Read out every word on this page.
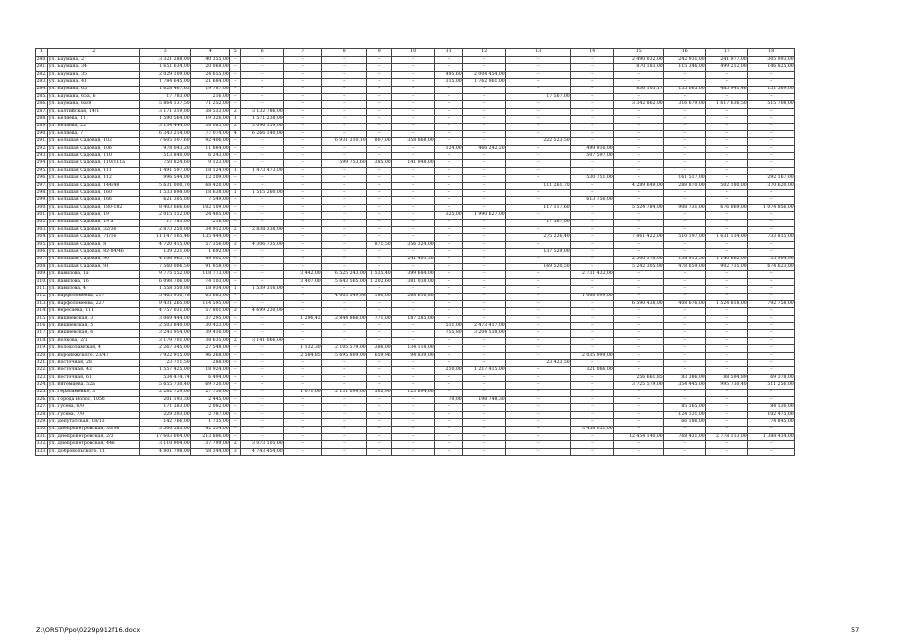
1	2	3	4	5	6	7	8	9	10	11	12	13	14	15	16	17	18
280.	ул. Баумана, 2	3 321 288,00	40 355,00	–	–	–	–	–	–	–	–	–	–	2 490 032,00	242 931,00	241 977,00	305 993,00
281.	ул. Баумана, 34	1 651 634,00	20 068,00	–	–	–	–	–	–	–	–	–	–	870 183,00	115 346,00	499 212,00	146 825,00
282.	ул. Баумана, 35	2 029 109,00	24 655,00	–	–	–	–	–	–	495,60	2 004 454,00	–	–	–	–	–	–
283.	ул. Баумана, 41	1 784 645,00	21 684,00	–	–	–	–	–	–	315,00	1 762 961,00	–	–	–	–	–	–
284.	ул. Баумана, 65	1 628 467,63	19 787,00	–	–	–	–	–	–	–	–	–	–	836 105,17	135 065,00	485 941,46	151 569,00
285.	ул. Баумана, 65а, 6	17 783,00	216,00	–	–	–	–	–	–	–	–	17 567,00	–	–	–	–	–
286.	ул. Баумана, 6а/8	5 864 137,50	71 252,00	–	–	–	–	–	–	–	–	–	–	3 342 862,00	316 679,00	1 617 636,50	515 708,00
287.	ул. Балтийская, 14/1	3 171 319,00	38 533,00	2	3 132 786,00	–	–	–	–	–	–	–	–	–	–	–	–
288.	ул. Беляева, 11	1 590 564,00	19 326,00	1	1 571 238,00	–	–	–	–	–	–	–	–	–	–	–	–
289.	ул. Беляева, 22	3 134 444,00	38 085,00	2	3 096 359,00	–	–	–	–	–	–	–	–	–	–	–	–
290.	ул. Беляева, 7	6 343 214,00	77 074,00	4	6 266 140,00	–	–	–	–	–	–	–	–	–	–	–	–
291.	ул. Большая Садовая, 102	7 605 107,60	92 406,00	–	–	–	6 931 310,10	807,00	358 868,00	–	–	222 523,50	–	–	–	–	–
292.	ул. Большая Садовая, 106	978 043,20	11 884,00	–	–	–	–	–	–	124,00	466 242,20	–	499 916,00	–	–	–	–
293.	ул. Большая Садовая, 110	513 840,00	6 243,00	–	–	–	–	–	–	–	–	–	507 597,00	–	–	–	–
294.	ул. Большая Садовая, 110/111а	750 824,60	9 123,00	–	–	–	599 753,60	385,00	141 948,00	–	–	–	–	–	–	–	–
295.	ул. Большая Садовая, 111	1 491 597,00	18 124,00	1	1 473 473,00	–	–	–	–	–	–	–	–	–	–	–	–
296.	ул. Большая Садовая, 112	996 544,00	12 109,00	–	–	–	–	–	–	–	–	–	530 751,00	–	161 517,00	–	292 167,00
297.	ул. Большая Садовая, 144/48	5 631 000,70	68 420,00	–	–	–	–	–	–	–	–	111 261,70	–	4 289 649,00	288 870,00	502 180,00	370 620,00
298.	ул. Большая Садовая, 160	1 533 898,00	18 638,00	1	1 515 260,00	–	–	–	–	–	–	–	–	–	–	–	–
299.	ул. Большая Садовая, 166	621 305,00	7 549,00	–	–	–	–	–	–	–	–	–	613 756,00	–	–	–	–
300.	ул. Большая Садовая, 180-182	8 403 666,60	102 109,00	–	–	–	–	–	–	–	–	117 117,60	–	5 524 784,00	908 731,00	676 069,00	1 074 856,00
301.	ул. Большая Садовая, 19	2 015 112,00	24 485,00	–	–	–	–	–	–	325,00	1 990 627,00	–	–	–	–	–	–
302.	ул. Большая Садовая, 19 а	17 783,00	216,00	–	–	–	–	–	–	–	–	17 567,00	–	–	–	–	–
303.	ул. Большая Садовая, 32/36	2 873 250,00	34 912,00	2	2 838 338,00	–	–	–	–	–	–	–	–	–	–	–	–
304.	ул. Большая Садовая, 71/16	11 147 165,46	135 444,00	–	–	–	–	–	–	–	–	275 226,40	–	7 861 422,00	510 197,00	1 631 134,00	733 835,00
305.	ул. Большая Садовая, 8	4 720 415,00	57 356,00	3	4 306 735,00	–	–	871,50	356 324,00	–	–	–	–	–	–	–	–
306.	ул. Большая Садовая, 82-84/46	139 221,00	1 692,00	–	–	–	–	–	–	–	–	137 529,00	–	–	–	–	–
307.	ул. Большая Садовая, 90	4 106 963,70	49 902,00	–	–	–	–	–	241 403,30	–	–	–	–	2 500 176,00	138 915,50	1 140 662,00	35 904,90
308.	ул. Большая Садовая, 91	7 560 006,50	91 858,00	–	–	–	–	–	–	–	–	169 520,50	–	5 242 305,00	478 659,00	902 735,00	674 623,00
309.	ул. Вавилова, 1а	9 775 152,00	118 773,00	–	–	3 442,00	6 525 243,00	1 535,40	399 684,00	–	–	–	2 731 432,00	–	–	–	–
310.	ул. Вавилова, 16	6 098 706,00	74 103,00	–	–	3 407,00	5 643 565,00	1 202,60	381 038,00	–	–	–	–	–	–	–	–
311.	ул. Вавилова, 4	1 558 350,00	18 934,00	1	1 539 316,00	–	–	–	–	–	–	–	–	–	–	–	–
312.	ул. Варфоломеева, 217	5 465 950,78	65 685,00	–	–	–	4 003 549,98	180,00	268 616,80	–	–	–	1 068 099,00	–	–	–	–
313.	ул. Варфоломеева, 227	9 431 265,00	114 595,00	–	–	–	–	–	–	–	–	–	–	6 590 438,00	408 676,00	1 524 818,00	792 758,00
314.	ул. Вересаева, 111	4 757 031,00	57 801,00	3	4 699 230,00	–	–	–	–	–	–	–	–	–	–	–	–
315.	ул. Вишнёвская, 3	3 069 444,00	37 295,00	–	–	1 296,42	2 844 866,00	771,00	187 285,00	–	–	–	–	–	–	–	–
316.	ул. Вишнёвская, 5	2 503 840,00	30 423,00	–	–	–	–	–	–	511,00	2 473 417,00	–	–	–	–	–	–
317.	ул. Вишнёвская, 6	3 243 954,00	39 416,00	–	–	–	–	–	–	755,80	3 204 538,00	–	–	–	–	–	–
318.	ул. Волкова, 2/1	3 179 701,00	38 635,00	2	3 141 066,00	–	–	–	–	–	–	–	–	–	–	–	–
319.	ул. Волоколамская, 4	2 267 345,00	27 548,00	–	–	1 132,30	2 105 579,00	386,00	134 118,00	–	–	–	–	–	–	–	–
320.	ул. Воронежского, 23/47	7 922 915,00	96 268,00	–	–	2 584,85	5 695 809,00	659,96	94 839,00	–	–	–	2 035 999,00	–	–	–	–
321.	ул. Восточная, 28	23 711,50	288,00	–	–	–	–	–	–	–	–	23 423,50	–	–	–	–	–
322.	ул. Восточная, 43	1 557 425,00	18 924,00	–	–	–	–	–	–	210,00	1 217 415,00	–	321 086,00	–	–	–	–
323.	ул. Восточная, 61	534 474,74	6 494,00	–	–	–	–	–	–	–	–	–	–	256 661,85	83 386,09	88 594,89	69 378,00
324.	ул. Вятемцева, 52а	5 655 730,40	69 720,00	–	–	–	–	–	–	–	–	–	–	3 725 579,00	354 445,00	995 730,40	511 256,00
325.	ул. Герасименко, 3	2 282 729,00	27 736,00	–	–	1 071,00	2 131 099,00	502,90	123 894,00	–	–	–	–	–	–	–	–
326.	ул. Города Волос, 105б	201 193,30	2 445,00	–	–	–	–	–	–	70,00	198 748,30	–	–	–	–	–	–
327.	ул. Гусева, 6/9	171 383,00	2 082,00	–	–	–	–	–	–	–	–	–	–	–	85 165,00	–	84 136,00
328.	ул. Гусева, 7/9	229 393,00	2 787,00	–	–	–	–	–	–	–	–	–	–	–	124 131,00	–	102 475,00
329.	ул. Депутатская, 18/13	142 766,00	1 735,00	–	–	–	–	–	–	–	–	–	–	–	66 186,00	–	74 845,00
330.	ул. Днепропетровская, 30/98	3 500 585,00	42 534,00	–	–	–	–	–	–	–	–	–	3 458 051,00	–	–	–	–
331.	ул. Днепропетровская, 2/3	17 603 004,00	213 886,00	–	–	–	–	–	–	–	–	–	–	12 454 140,00	768 431,00	2 778 113,00	1 388 434,00
332.	ул. Днепропетровская, 44в	3 110 904,00	37 799,00	2	3 073 105,00	–	–	–	–	–	–	–	–	–	–	–	–
333.	ул. Добровольского, 11	4 801 798,00	58 344,00	3	4 743 454,00	–	–	–	–	–	–	–	–	–	–	–	–
Z:\ORST\Ppo\0229p912f16.docx	57
